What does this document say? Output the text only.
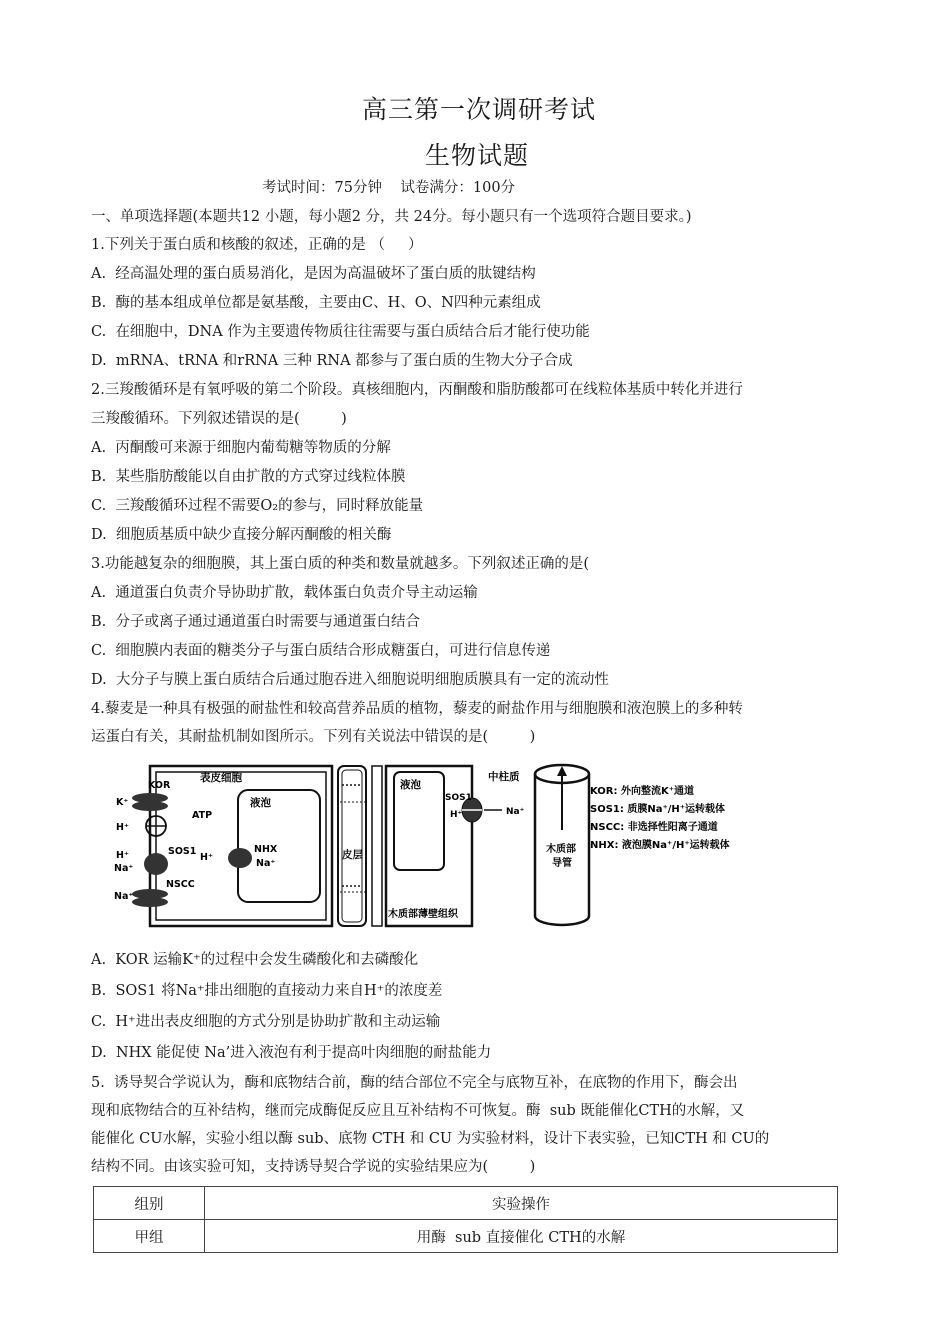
高三第一次调研考试
生物试题
考试时间：75分钟    试卷满分：100分
一、单项选择题(本题共12 小题，每小题2 分，共 24分。每小题只有一个选项符合题目要求。)
1.下列关于蛋白质和核酸的叙述，正确的是 （     ）
A.  经高温处理的蛋白质易消化，是因为高温破坏了蛋白质的肽键结构
B.  酶的基本组成单位都是氨基酸，主要由C、H、O、N四种元素组成
C.  在细胞中，DNA 作为主要遗传物质往往需要与蛋白质结合后才能行使功能
D.  mRNA、tRNA 和rRNA 三种 RNA 都参与了蛋白质的生物大分子合成
2.三羧酸循环是有氧呼吸的第二个阶段。真核细胞内，丙酮酸和脂肪酸都可在线粒体基质中转化并进行
三羧酸循环。下列叙述错误的是(         )
A.  丙酮酸可来源于细胞内葡萄糖等物质的分解
B.  某些脂肪酸能以自由扩散的方式穿过线粒体膜
C.  三羧酸循环过程不需要O₂的参与，同时释放能量
D.  细胞质基质中缺少直接分解丙酮酸的相关酶
3.功能越复杂的细胞膜，其上蛋白质的种类和数量就越多。下列叙述正确的是(
A.  通道蛋白负责介导协助扩散，载体蛋白负责介导主动运输
B.  分子或离子通过通道蛋白时需要与通道蛋白结合
C.  细胞膜内表面的糖类分子与蛋白质结合形成糖蛋白，可进行信息传递
D.  大分子与膜上蛋白质结合后通过胞吞进入细胞说明细胞质膜具有一定的流动性
4.藜麦是一种具有极强的耐盐性和较高营养品质的植物，藜麦的耐盐作用与细胞膜和液泡膜上的多种转
运蛋白有关，其耐盐机制如图所示。下列有关说法中错误的是(         )
表皮细胞
液泡
皮层
液泡
木质部薄壁组织
中柱质
SOS1
H⁺	Na⁺
木质部
导管
KOR
K⁺
ATP
H⁺
SOS1
H⁺
Na⁺
NSCC
Na⁺
NHX
H⁺
Na⁺
KOR: 外向整流K⁺通道
SOS1: 质膜Na⁺/H⁺运转载体
NSCC: 非选择性阳离子通道
NHX: 液泡膜Na⁺/H⁺运转载体
A.  KOR 运输K⁺的过程中会发生磷酸化和去磷酸化
B.  SOS1 将Na⁺排出细胞的直接动力来自H⁺的浓度差
C.  H⁺进出表皮细胞的方式分别是协助扩散和主动运输
D.  NHX 能促使 Na’进入液泡有利于提高叶肉细胞的耐盐能力
5.  诱导契合学说认为，酶和底物结合前，酶的结合部位不完全与底物互补，在底物的作用下，酶会出
现和底物结合的互补结构，继而完成酶促反应且互补结构不可恢复。酶  sub 既能催化CTH的水解，又
能催化 CU水解，实验小组以酶 sub、底物 CTH 和 CU 为实验材料，设计下表实验，已知CTH 和 CU的
结构不同。由该实验可知，支持诱导契合学说的实验结果应为(         )
组别	实验操作
甲组	用酶  sub 直接催化 CTH的水解
